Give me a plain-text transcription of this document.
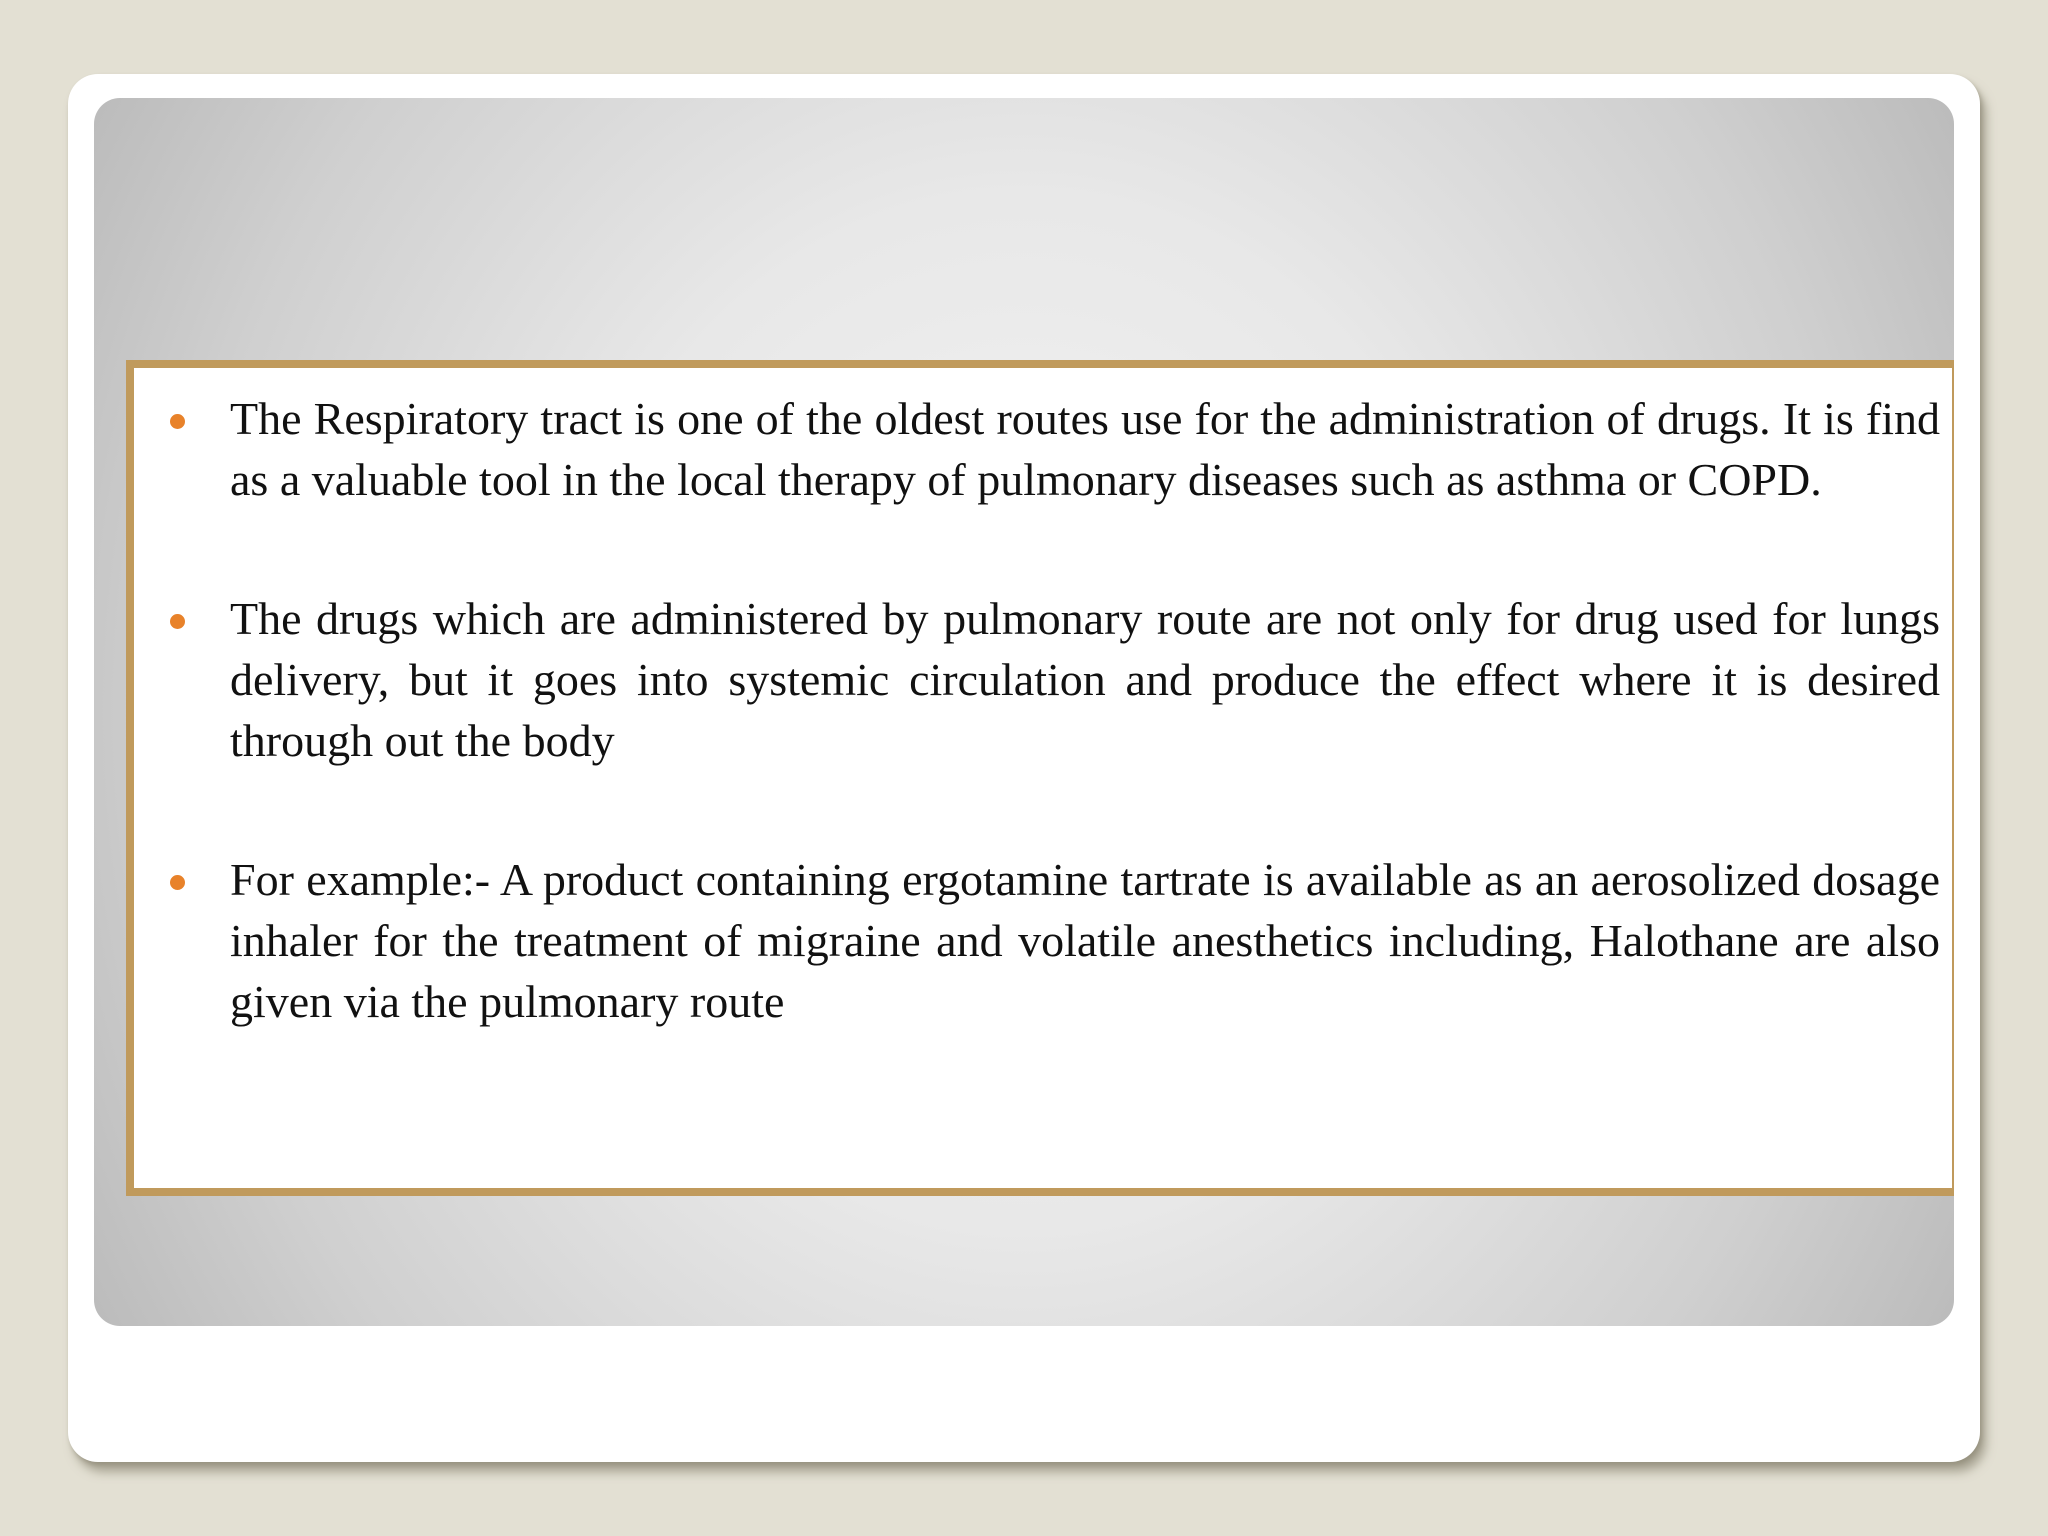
The Respiratory tract is one of the oldest routes use for the administration of drugs. It is find as a valuable tool in the local therapy of pulmonary diseases such as asthma or COPD.
The drugs which are administered by pulmonary route are not only for drug used for lungs delivery, but it goes into systemic circulation and produce the effect where it is desired through out the body
For example:- A product containing ergotamine tartrate is available as an aerosolized dosage inhaler for the treatment of migraine and volatile anesthetics including, Halothane are also given via the pulmonary route
